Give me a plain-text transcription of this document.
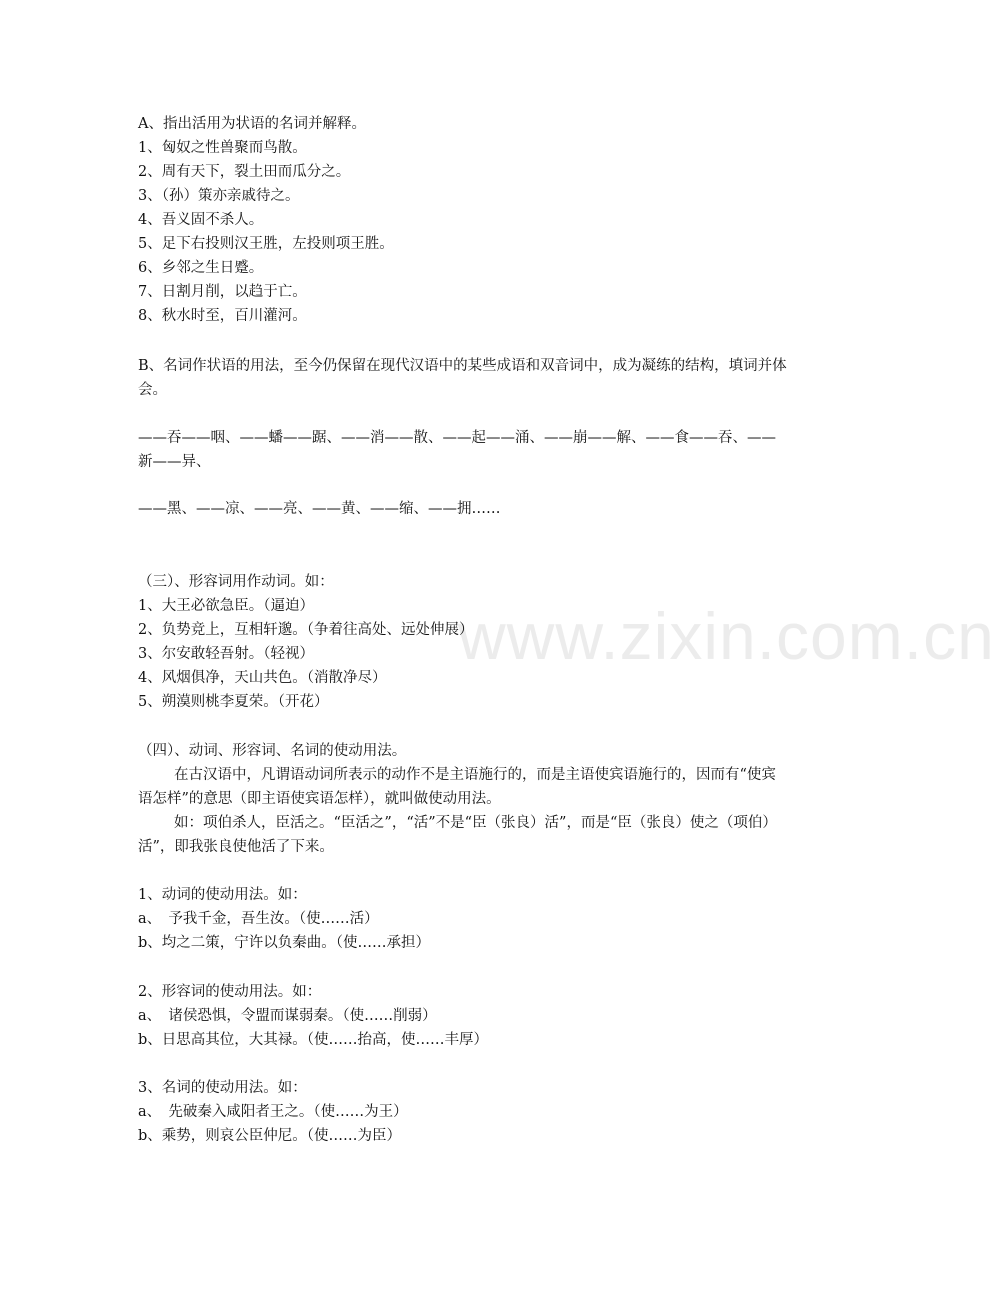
www.zixin.com.cn
A、指出活用为状语的名词并解释。
1、匈奴之性兽聚而鸟散。
2、周有天下，裂土田而瓜分之。
3、（孙）策亦亲戚待之。
4、吾义固不杀人。
5、足下右投则汉王胜，左投则项王胜。
6、乡邻之生日蹙。
7、日割月削，以趋于亡。
8、秋水时至，百川灌河。
B、名词作状语的用法，至今仍保留在现代汉语中的某些成语和双音词中，成为凝练的结构，填词并体会。
——吞——咽、——蟠——踞、——消——散、——起——涌、——崩——解、——食——吞、——新——异、
——黑、——凉、——亮、——黄、——缩、——拥……
（三）、形容词用作动词。如：
1、大王必欲急臣。（逼迫）
2、负势竞上，互相轩邈。（争着往高处、远处伸展）
3、尔安敢轻吾射。（轻视）
4、风烟俱净，天山共色。（消散净尽）
5、朔漠则桃李夏荣。（开花）
（四）、动词、形容词、名词的使动用法。
在古汉语中，凡谓语动词所表示的动作不是主语施行的，而是主语使宾语施行的，因而有“使宾语怎样”的意思（即主语使宾语怎样），就叫做使动用法。
如：项伯杀人，臣活之。“臣活之”，“活”不是“臣（张良）活”，而是“臣（张良）使之（项伯）活”，即我张良使他活了下来。
1、动词的使动用法。如：
a、　予我千金，吾生汝。（使……活）
b、均之二策，宁许以负秦曲。（使……承担）
2、形容词的使动用法。如：
a、　诸侯恐惧，令盟而谋弱秦。（使……削弱）
b、日思高其位，大其禄。（使……抬高，使……丰厚）
3、名词的使动用法。如：
a、　先破秦入咸阳者王之。（使……为王）
b、乘势，则哀公臣仲尼。（使……为臣）
